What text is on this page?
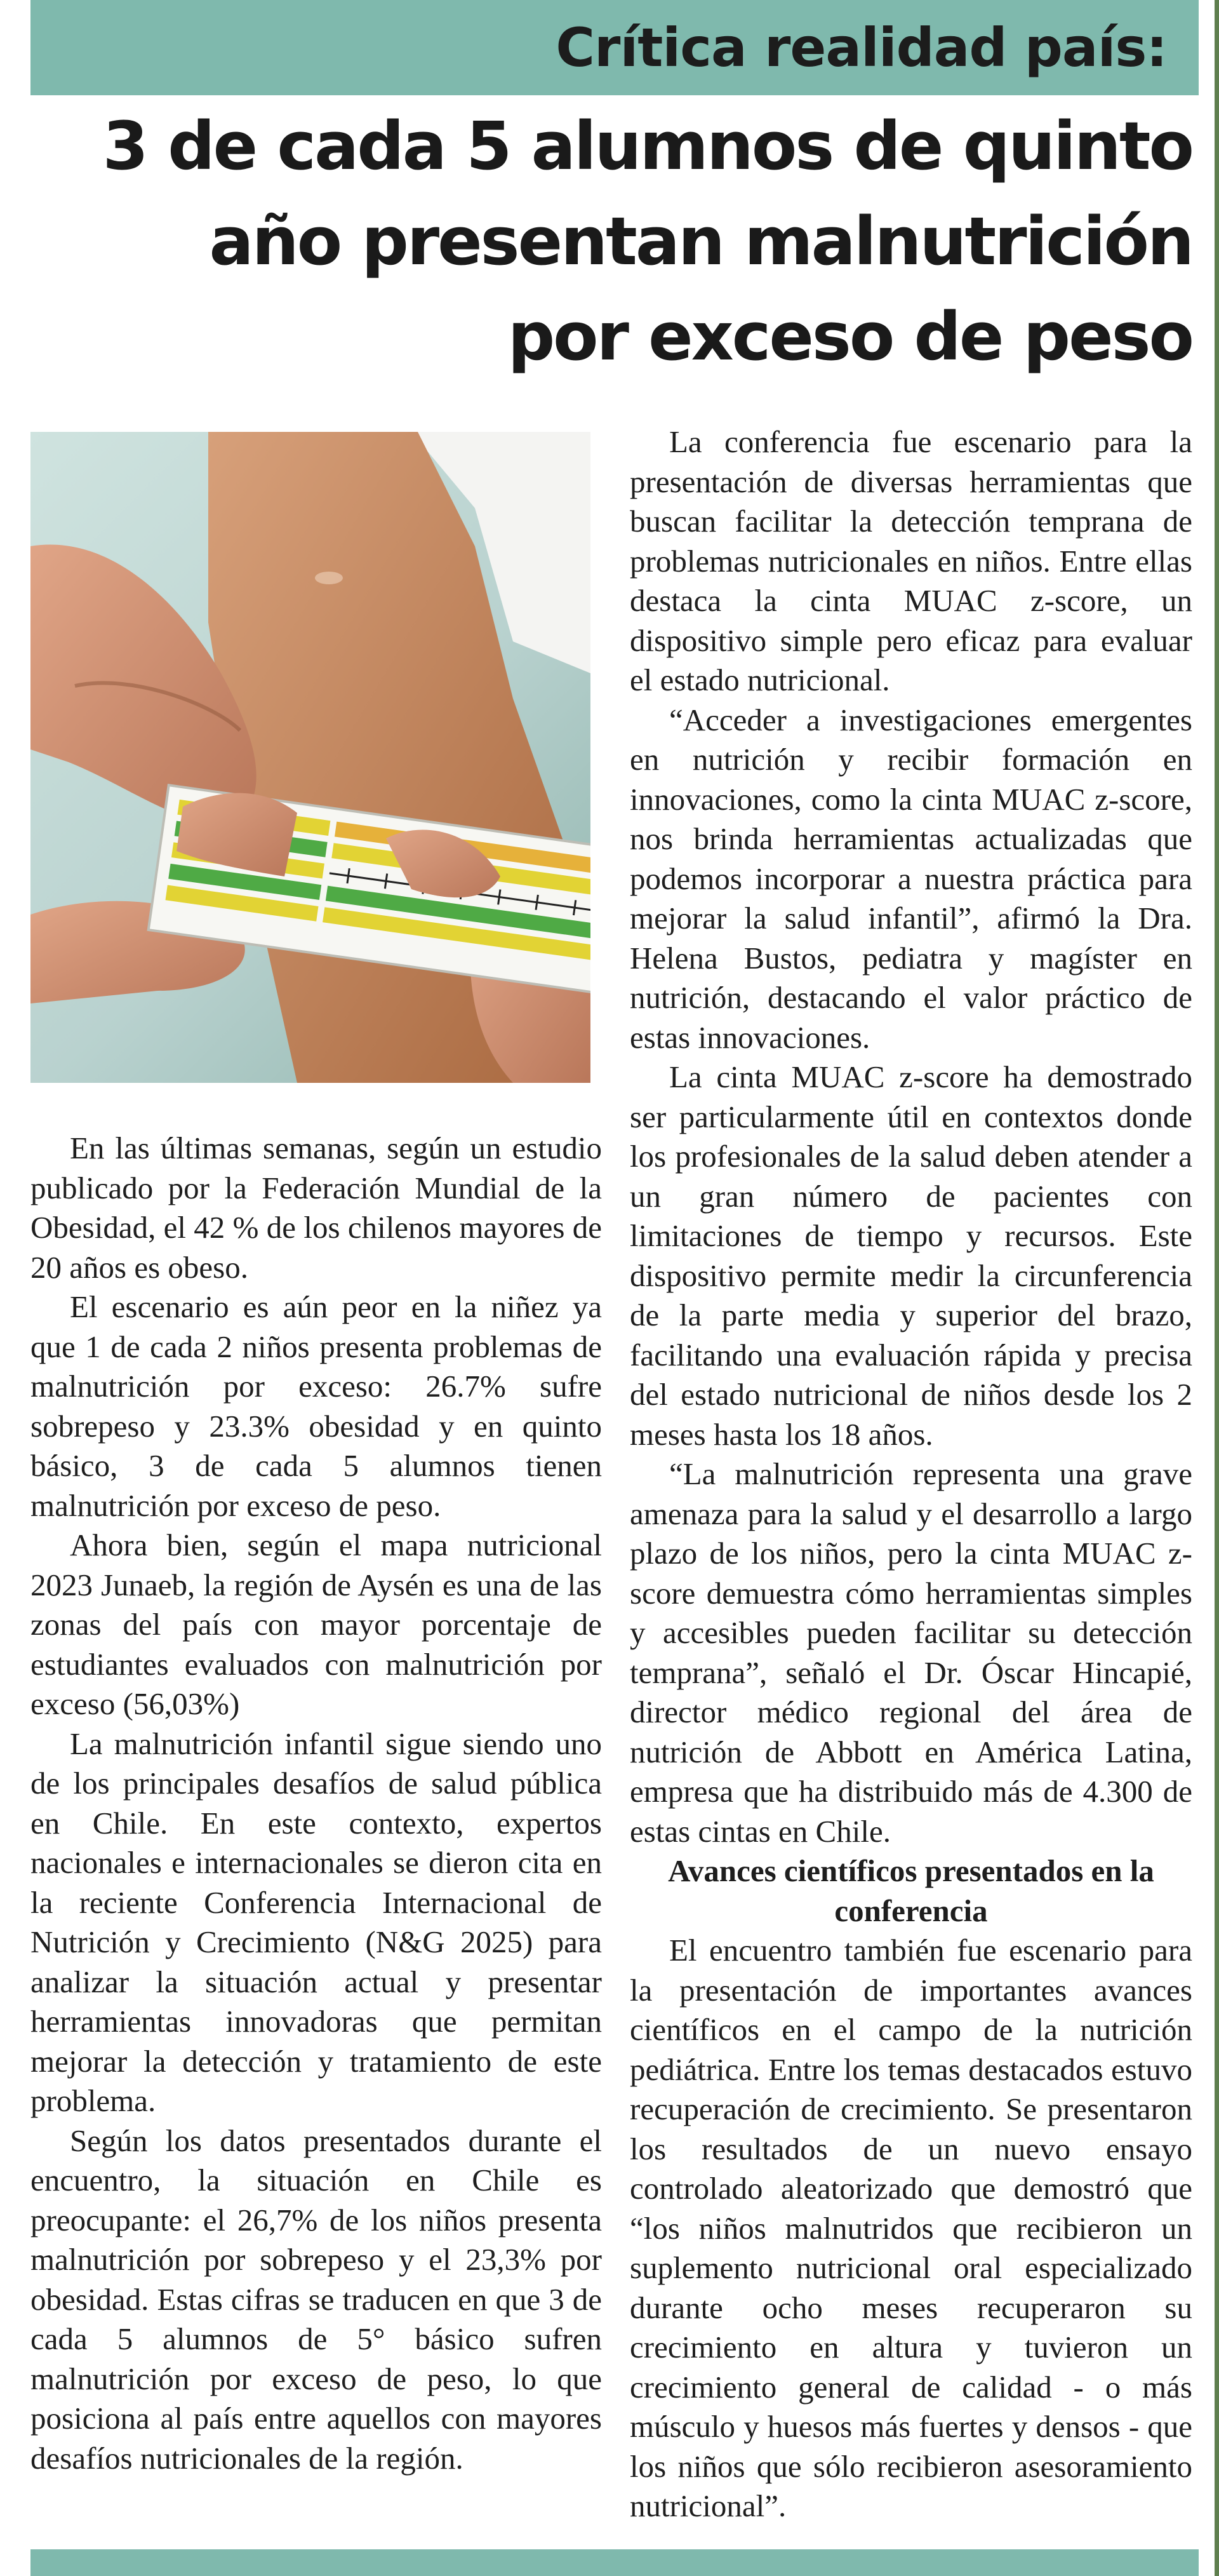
Crítica realidad país:
3 de cada 5 alumnos de quinto año presentan malnutrición por exceso de peso

En las últimas semanas, según un estudio publicado por la Federación Mundial de la Obesidad, el 42 % de los chilenos mayores de 20 años es obeso.

El escenario es aún peor en la niñez ya que 1 de cada 2 niños presenta problemas de malnutrición por exceso: 26.7% sufre sobrepeso y 23.3% obesidad y en quinto básico, 3 de cada 5 alumnos tienen malnutrición por exceso de peso.

Ahora bien, según el mapa nutricional 2023 Junaeb, la región de Aysén es una de las zonas del país con mayor porcentaje de estudiantes evaluados con malnutrición por exceso (56,03%)

La malnutrición infantil sigue siendo uno de los principales desafíos de salud pública en Chile. En este contexto, expertos nacionales e internacionales se dieron cita en la reciente Conferencia Internacional de Nutrición y Crecimiento (N&G 2025) para analizar la situación actual y presentar herramientas innovadoras que permitan mejorar la detección y tratamiento de este problema.

Según los datos presentados durante el encuentro, la situación en Chile es preocupante: el 26,7% de los niños presenta malnutrición por sobrepeso y el 23,3% por obesidad. Estas cifras se traducen en que 3 de cada 5 alumnos de 5° básico sufren malnutrición por exceso de peso, lo que posiciona al país entre aquellos con mayores desafíos nutricionales de la región.

La conferencia fue escenario para la presentación de diversas herramientas que buscan facilitar la detección temprana de problemas nutricionales en niños. Entre ellas destaca la cinta MUAC z-score, un dispositivo simple pero eficaz para evaluar el estado nutricional.

“Acceder a investigaciones emergentes en nutrición y recibir formación en innovaciones, como la cinta MUAC z-score, nos brinda herramientas actualizadas que podemos incorporar a nuestra práctica para mejorar la salud infantil”, afirmó la Dra. Helena Bustos, pediatra y magíster en nutrición, destacando el valor práctico de estas innovaciones.

La cinta MUAC z-score ha demostrado ser particularmente útil en contextos donde los profesionales de la salud deben atender a un gran número de pacientes con limitaciones de tiempo y recursos. Este dispositivo permite medir la circunferencia de la parte media y superior del brazo, facilitando una evaluación rápida y precisa del estado nutricional de niños desde los 2 meses hasta los 18 años.

“La malnutrición representa una grave amenaza para la salud y el desarrollo a largo plazo de los niños, pero la cinta MUAC z-score demuestra cómo herramientas simples y accesibles pueden facilitar su detección temprana”, señaló el Dr. Óscar Hincapié, director médico regional del área de nutrición de Abbott en América Latina, empresa que ha distribuido más de 4.300 de estas cintas en Chile.

Avances científicos presentados en la conferencia

El encuentro también fue escenario para la presentación de importantes avances científicos en el campo de la nutrición pediátrica. Entre los temas destacados estuvo recuperación de crecimiento. Se presentaron los resultados de un nuevo ensayo controlado aleatorizado que demostró que “los niños malnutridos que recibieron un suplemento nutricional oral especializado durante ocho meses recuperaron su crecimiento en altura y tuvieron un crecimiento general de calidad - o más músculo y huesos más fuertes y densos - que los niños que sólo recibieron asesoramiento nutricional”.
